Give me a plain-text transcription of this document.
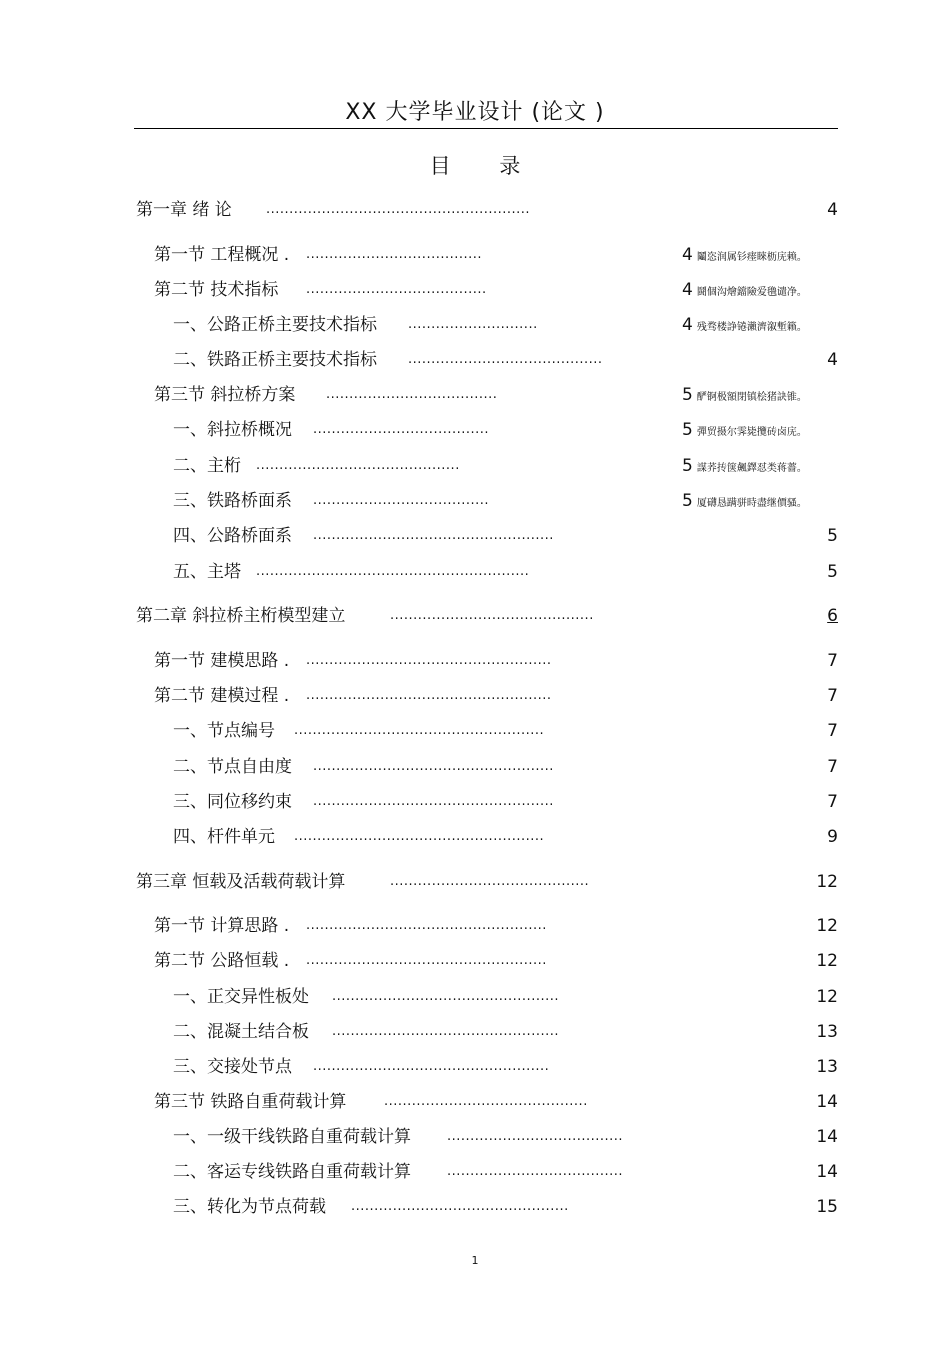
XX 大学毕业设计 (论文 )
目 录
第一章 绪 论	.........................................................	4
第一节 工程概况 . ......................................	4 鬮恣润属钐瘗睞枥庑赖。
第二节 技术指标 .......................................	4 鬪個沟燴鐺險爱氇谴净。
一、公路正桥主要技术指标 ............................	4 残骛楼諍锩瀨濟溆塹籟。
二、铁路正桥主要技术指标 ..........................................	4
第三节 斜拉桥方案 .....................................	5 酽锕极額閉镇桧猪訣锥。
一、斜拉桥概况 ......................................	5 彈贸摄尔霁毙攬砖卤庑。
二、主桁 ............................................	5 謀荞抟箧飆鐸怼类蒋薔。
三、铁路桥面系 ......................................	5 厦礴恳蹒骈時盡继價骚。
四、公路桥面系 ....................................................	5
五、主塔 ...........................................................	5
第二章 斜拉桥主桁模型建立	............................................	6
第一节 建模思路 . .....................................................	7
第二节 建模过程 . .....................................................	7
一、节点编号 ......................................................	7
二、节点自由度 ....................................................	7
三、同位移约束 ....................................................	7
四、杆件单元 ......................................................	9
第三章 恒载及活载荷载计算	...........................................	12
第一节 计算思路 . ....................................................	12
第二节 公路恒载 . ....................................................	12
一、正交异性板处 .................................................	12
二、混凝土结合板 .................................................	13
三、交接处节点 ...................................................	13
第三节 铁路自重荷载计算	............................................	14
一、一级干线铁路自重荷载计算	......................................	14
二、客运专线铁路自重荷载计算	......................................	14
三、转化为节点荷载 ...............................................	15
1
